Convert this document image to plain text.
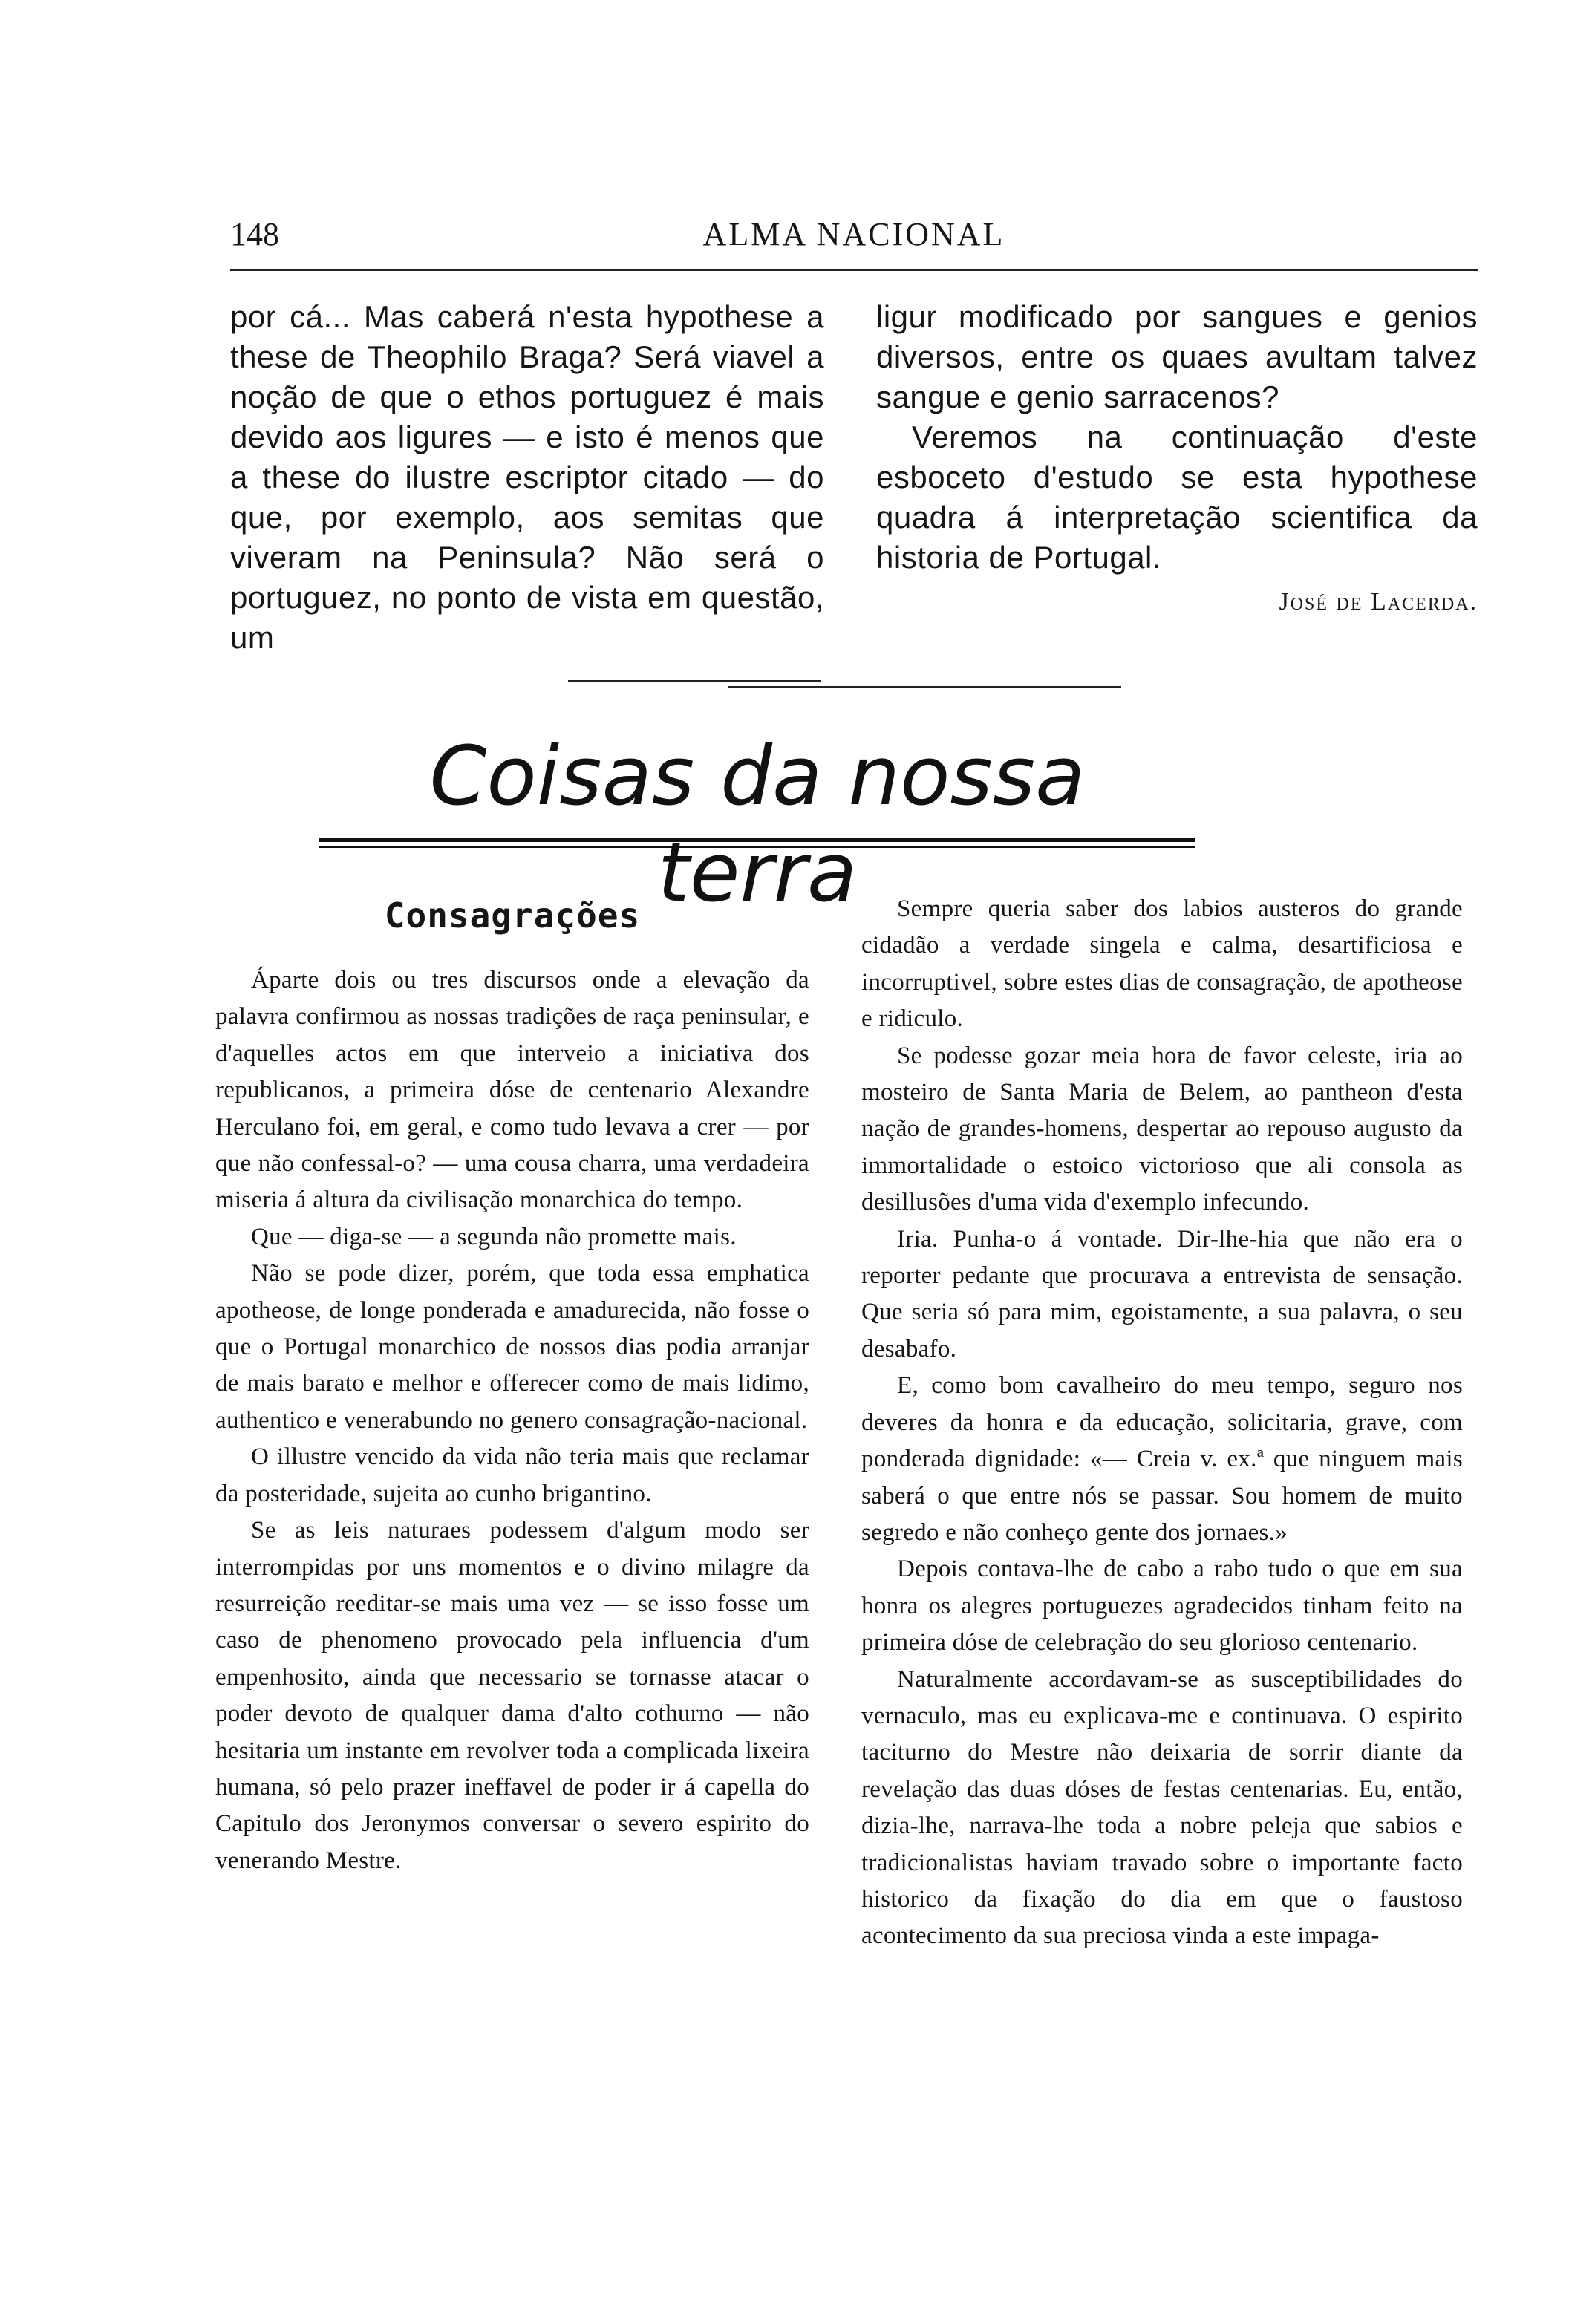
148	ALMA NACIONAL

por cá... Mas caberá n'esta hypothese a these de Theophilo Braga? Será viavel a noção de que o ethos portuguez é mais devido aos ligures — e isto é menos que a these do ilustre escriptor citado — do que, por exemplo, aos semitas que viveram na Peninsula? Não será o portuguez, no ponto de vista em questão, um

ligur modificado por sangues e genios diversos, entre os quaes avultam talvez sangue e genio sarracenos?

Veremos na continuação d'este esboceto d'estudo se esta hypothese quadra á interpretação scientifica da historia de Portugal.

José de Lacerda.
Coisas da nossa terra
Consagrações

Áparte dois ou tres discursos onde a elevação da palavra confirmou as nossas tradições de raça peninsular, e d'aquelles actos em que interveio a iniciativa dos republicanos, a primeira dóse de centenario Alexandre Herculano foi, em geral, e como tudo levava a crer — por que não confessal-o? — uma cousa charra, uma verdadeira miseria á altura da civilisação monarchica do tempo.

Que — diga-se — a segunda não promette mais.

Não se pode dizer, porém, que toda essa emphatica apotheose, de longe ponderada e amadurecida, não fosse o que o Portugal monarchico de nossos dias podia arranjar de mais barato e melhor e offerecer como de mais lidimo, authentico e venerabundo no genero consagração-nacional.

O illustre vencido da vida não teria mais que reclamar da posteridade, sujeita ao cunho brigantino.

Se as leis naturaes podessem d'algum modo ser interrompidas por uns momentos e o divino milagre da resurreição reeditar-se mais uma vez — se isso fosse um caso de phenomeno provocado pela influencia d'um empenhosito, ainda que necessario se tornasse atacar o poder devoto de qualquer dama d'alto cothurno — não hesitaria um instante em revolver toda a complicada lixeira humana, só pelo prazer ineffavel de poder ir á capella do Capitulo dos Jeronymos conversar o severo espirito do venerando Mestre.

Sempre queria saber dos labios austeros do grande cidadão a verdade singela e calma, desartificiosa e incorruptivel, sobre estes dias de consagração, de apotheose e ridiculo.

Se podesse gozar meia hora de favor celeste, iria ao mosteiro de Santa Maria de Belem, ao pantheon d'esta nação de grandes-homens, despertar ao repouso augusto da immortalidade o estoico victorioso que ali consola as desillusões d'uma vida d'exemplo infecundo.

Iria. Punha-o á vontade. Dir-lhe-hia que não era o reporter pedante que procurava a entrevista de sensação. Que seria só para mim, egoistamente, a sua palavra, o seu desabafo.

E, como bom cavalheiro do meu tempo, seguro nos deveres da honra e da educação, solicitaria, grave, com ponderada dignidade: «— Creia v. ex.ª que ninguem mais saberá o que entre nós se passar. Sou homem de muito segredo e não conheço gente dos jornaes.»

Depois contava-lhe de cabo a rabo tudo o que em sua honra os alegres portuguezes agradecidos tinham feito na primeira dóse de celebração do seu glorioso centenario.

Naturalmente accordavam-se as susceptibilidades do vernaculo, mas eu explicava-me e continuava. O espirito taciturno do Mestre não deixaria de sorrir diante da revelação das duas dóses de festas centenarias. Eu, então, dizia-lhe, narrava-lhe toda a nobre peleja que sabios e tradicionalistas haviam travado sobre o importante facto historico da fixação do dia em que o faustoso acontecimento da sua preciosa vinda a este impaga-
